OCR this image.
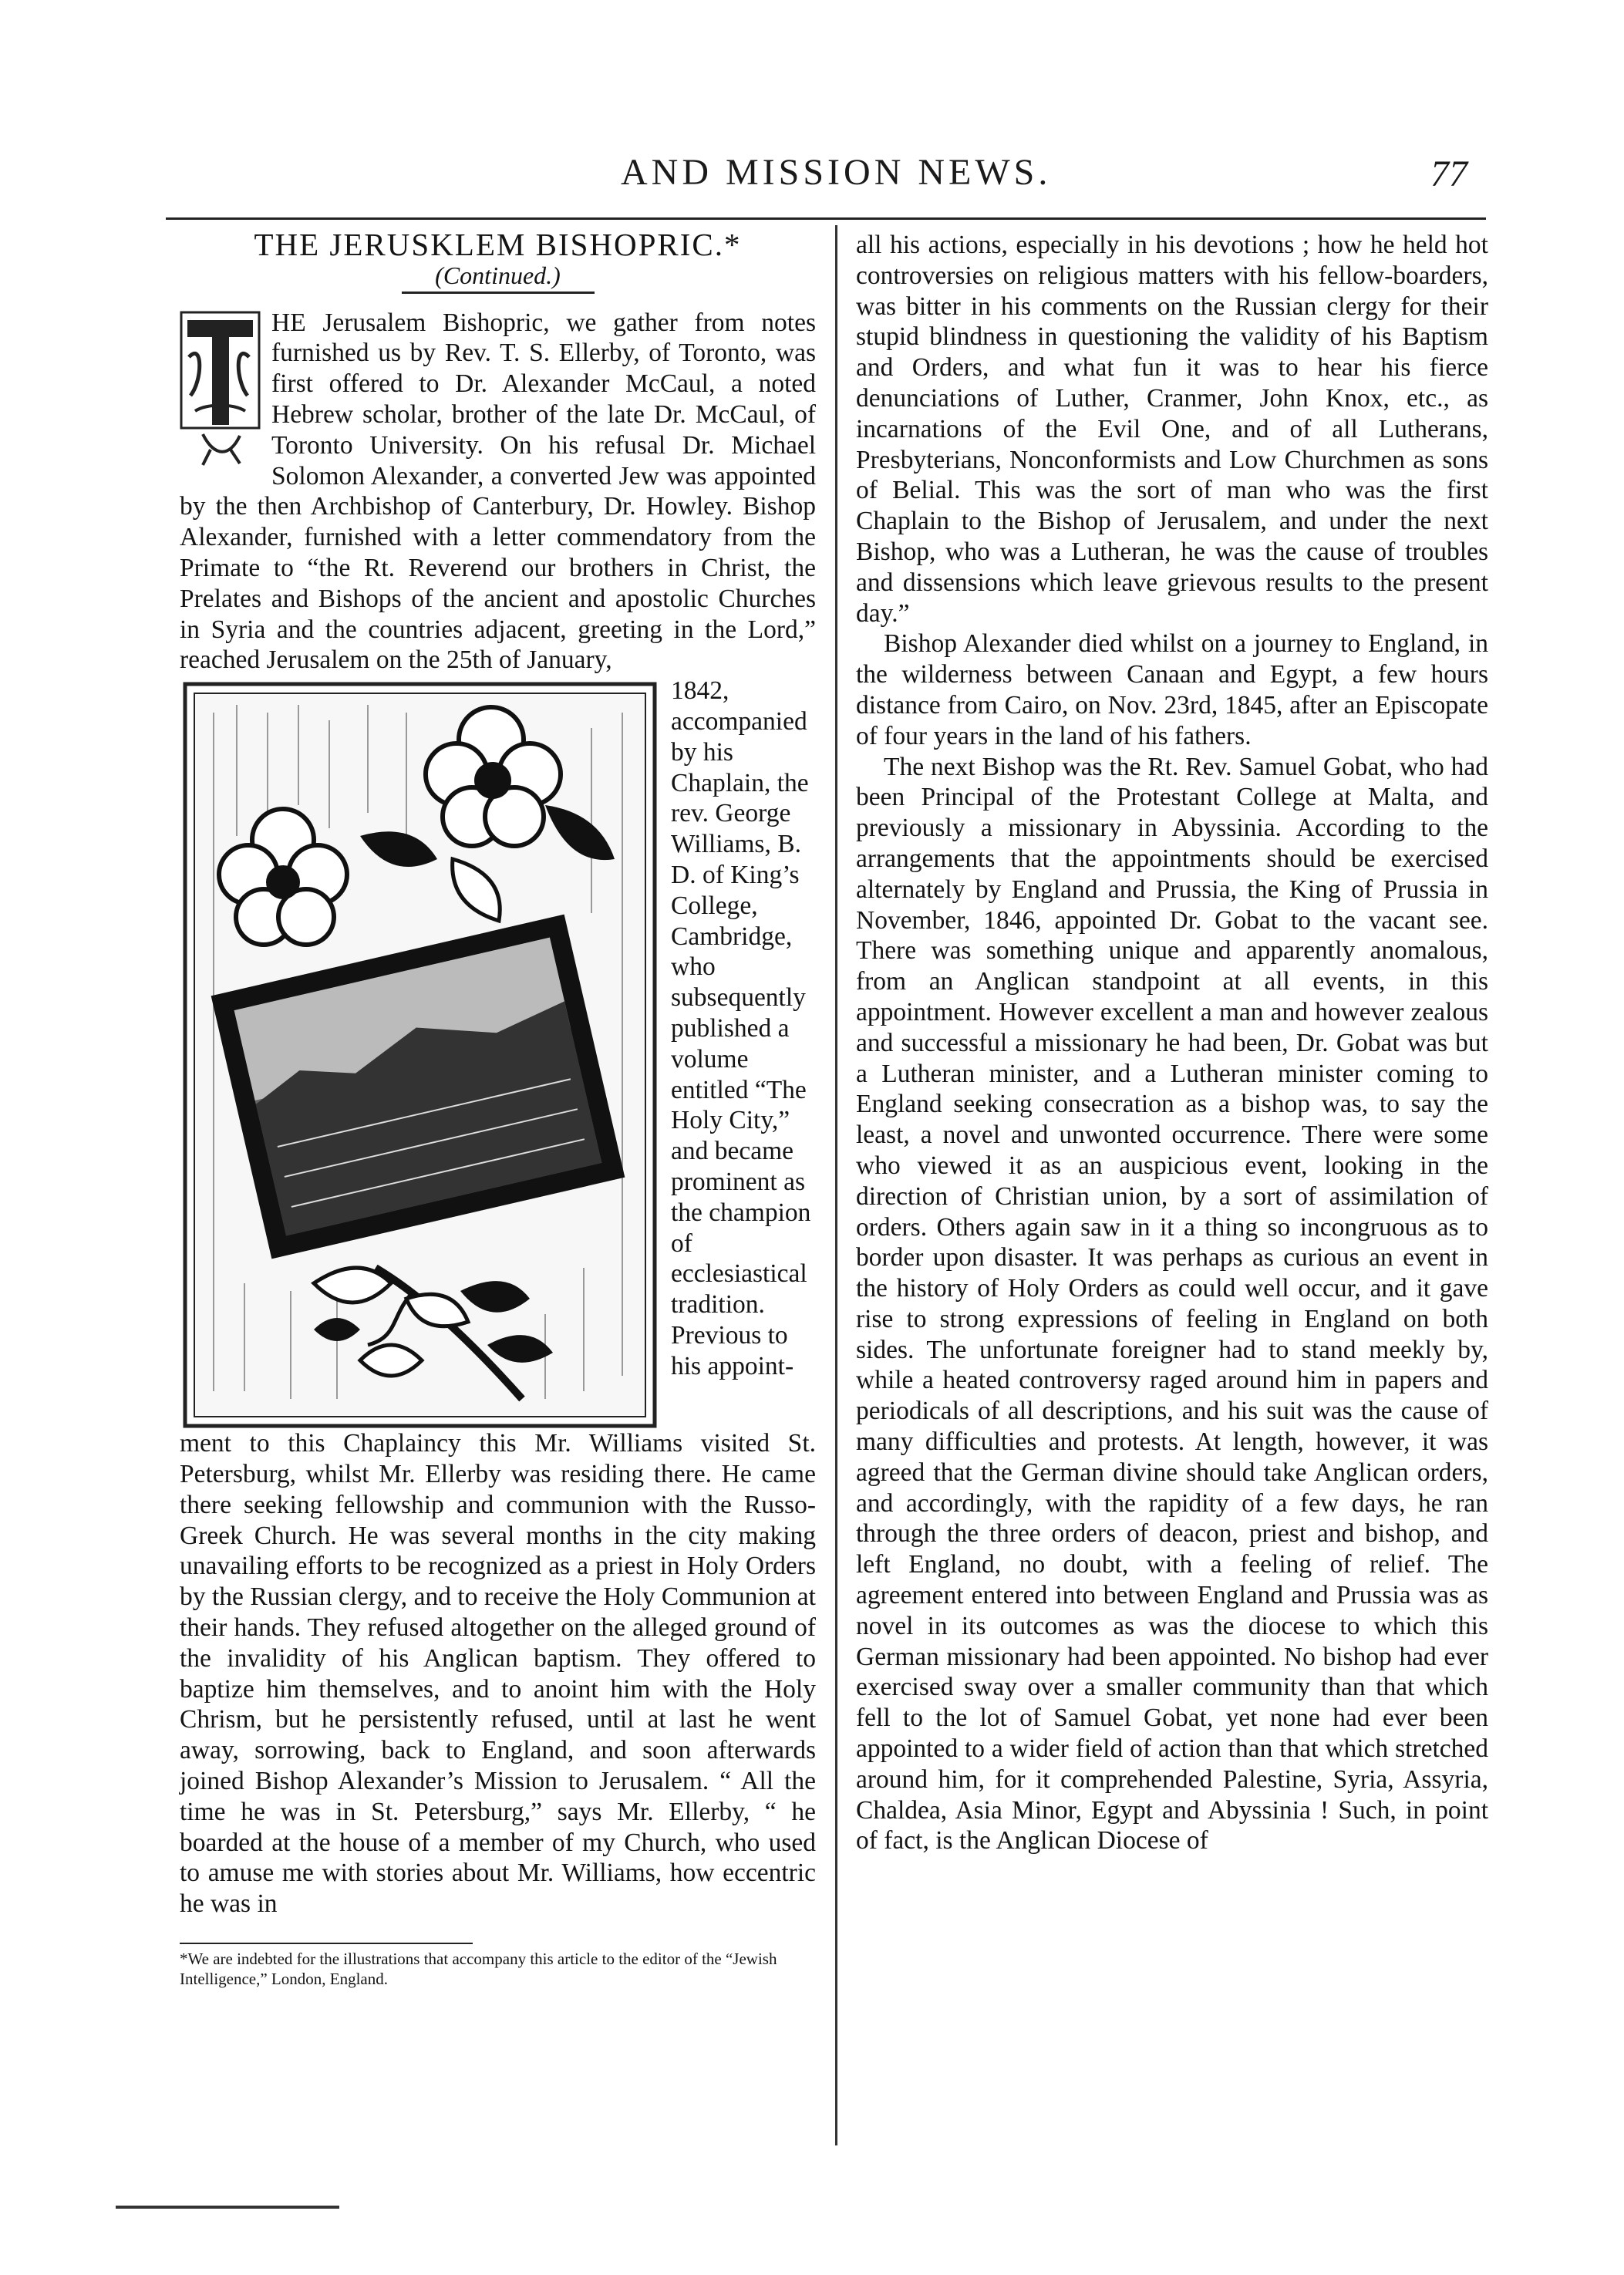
AND MISSION NEWS.	77

THE JERUSKLEM BISHOPRIC.*

(Continued.)

HE Jerusalem Bishopric, we gather from notes furnished us by Rev. T. S. Ellerby, of Toronto, was first offered to Dr. Alexander McCaul, a noted Hebrew scholar, brother of the late Dr. McCaul, of Toronto University. On his refusal Dr. Michael Solomon Alexander, a converted Jew was appointed by the then Archbishop of Canterbury, Dr. Howley. Bishop Alexander, furnished with a letter commendatory from the Primate to “the Rt. Reverend our brothers in Christ, the Prelates and Bishops of the ancient and apostolic Churches in Syria and the countries adjacent, greeting in the Lord,” reached Jerusalem on the 25th of January,

1842, accompanied by his Chaplain, the rev. George Williams, B. D. of King’s College, Cambridge, who subsequently published a volume entitled “The Holy City,” and became prominent as the champion of ecclesiastical tradition. Previous to his appoint-

ment to this Chaplaincy this Mr. Williams visited St. Petersburg, whilst Mr. Ellerby was residing there. He came there seeking fellowship and communion with the Russo-Greek Church. He was several months in the city making unavailing efforts to be recognized as a priest in Holy Orders by the Russian clergy, and to receive the Holy Communion at their hands. They refused altogether on the alleged ground of the invalidity of his Anglican baptism. They offered to baptize him themselves, and to anoint him with the Holy Chrism, but he persistently refused, until at last he went away, sorrowing, back to England, and soon afterwards joined Bishop Alexander’s Mission to Jerusalem. “ All the time he was in St. Petersburg,” says Mr. Ellerby, “ he boarded at the house of a member of my Church, who used to amuse me with stories about Mr. Williams, how eccentric he was in

*We are indebted for the illustrations that accompany this article to the editor of the “Jewish Intelligence,” London, England.

all his actions, especially in his devotions ; how he held hot controversies on religious matters with his fellow-boarders, was bitter in his comments on the Russian clergy for their stupid blindness in questioning the validity of his Baptism and Orders, and what fun it was to hear his fierce denunciations of Luther, Cranmer, John Knox, etc., as incarnations of the Evil One, and of all Lutherans, Presbyterians, Nonconformists and Low Churchmen as sons of Belial. This was the sort of man who was the first Chaplain to the Bishop of Jerusalem, and under the next Bishop, who was a Lutheran, he was the cause of troubles and dissensions which leave grievous results to the present day.”

Bishop Alexander died whilst on a journey to England, in the wilderness between Canaan and Egypt, a few hours distance from Cairo, on Nov. 23rd, 1845, after an Episcopate of four years in the land of his fathers.

The next Bishop was the Rt. Rev. Samuel Gobat, who had been Principal of the Protestant College at Malta, and previously a missionary in Abyssinia. According to the arrangements that the appointments should be exercised alternately by England and Prussia, the King of Prussia in November, 1846, appointed Dr. Gobat to the vacant see. There was something unique and apparently anomalous, from an Anglican standpoint at all events, in this appointment. However excellent a man and however zealous and successful a missionary he had been, Dr. Gobat was but a Lutheran minister, and a Lutheran minister coming to England seeking consecration as a bishop was, to say the least, a novel and unwonted occurrence. There were some who viewed it as an auspicious event, looking in the direction of Christian union, by a sort of assimilation of orders. Others again saw in it a thing so incongruous as to border upon disaster. It was perhaps as curious an event in the history of Holy Orders as could well occur, and it gave rise to strong expressions of feeling in England on both sides. The unfortunate foreigner had to stand meekly by, while a heated controversy raged around him in papers and periodicals of all descriptions, and his suit was the cause of many difficulties and protests. At length, however, it was agreed that the German divine should take Anglican orders, and accordingly, with the rapidity of a few days, he ran through the three orders of deacon, priest and bishop, and left England, no doubt, with a feeling of relief. The agreement entered into between England and Prussia was as novel in its outcomes as was the diocese to which this German missionary had been appointed. No bishop had ever exercised sway over a smaller community than that which fell to the lot of Samuel Gobat, yet none had ever been appointed to a wider field of action than that which stretched around him, for it comprehended Palestine, Syria, Assyria, Chaldea, Asia Minor, Egypt and Abyssinia ! Such, in point of fact, is the Anglican Diocese of
